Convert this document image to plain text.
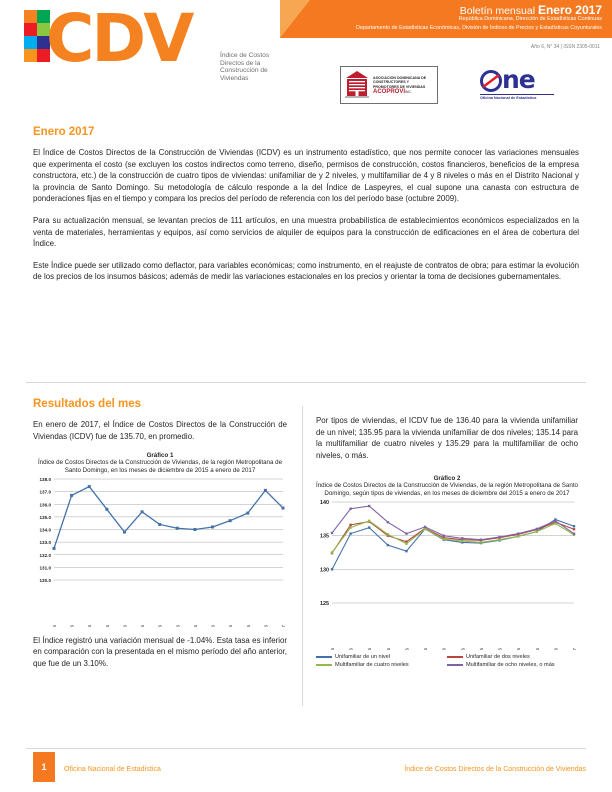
CDV	Índice de Costos Directos de la Construcción de Viviendas
Boletín mensual Enero 2017
República Dominicana, Dirección de Estadísticas Continuas
Departamento de Estadísticas Económicas, División de Índices de Precios y Estadísticas Coyunturales
Año 6, N° 34 | ISSN 2305-0011
ASOCIACIÓN DOMINICANA DE CONSTRUCTORES Y PROMOTORES DE VIVIENDAS
ACOPROVIINC.	ne
Oficina Nacional de Estadística
Enero 2017

El Índice de Costos Directos de la Construcción de Viviendas (ICDV) es un instrumento estadístico, que nos permite conocer las variaciones mensuales que experimenta el costo (se excluyen los costos indirectos como terreno, diseño, permisos de construcción, costos financieros, beneficios de la empresa constructora, etc.) de la construcción de cuatro tipos de viviendas: unifamiliar de y 2 niveles, y multifamiliar de 4 y 8 niveles o más en el Distrito Nacional y la provincia de Santo Domingo. Su metodología de cálculo responde a la del Índice de Laspeyres, el cual supone una canasta con estructura de ponderaciones fijas en el tiempo y compara los precios del período de referencia con los del período base (octubre 2009).

Para su actualización mensual, se levantan precios de 111 artículos, en una muestra probabilística de establecimientos económicos especializados en la venta de materiales, herramientas y equipos, así como servicios de alquiler de equipos para la construcción de edificaciones en el área de cobertura del Índice.

Este Índice puede ser utilizado como deflactor, para variables económicas; como instrumento, en el reajuste de contratos de obra; para estimar la evolución de los precios de los insumos básicos; además de medir las variaciones estacionales en los precios y orientar la toma de decisiones gubernamentales.

Resultados del mes

En enero de 2017, el Índice de Costos Directos de la Construcción de Viviendas (ICDV) fue de 135.70, en promedio.

Gráfico 1
Índice de Costos Directos de la Construcción de Viviendas, de la región Metropolitana de Santo Domingo, en los meses de diciembre de 2015 a enero de 2017
130.0
131.0
132.0
133.0
134.0
135.0
136.0
137.0
138.0

El Índice registró una variación mensual de -1.04%. Esta tasa es inferior en comparación con la presentada en el mismo período del año anterior, que fue de un 3.10%.

Por tipos de viviendas, el ICDV fue de 136.40 para la vivienda unifamiliar de un nivel; 135.95 para la vivienda unifamiliar de dos niveles; 135.14 para la multifamiliar de cuatro niveles y 135.29 para la multifamiliar de ocho niveles, o más.

Gráfico 2
Índice de Costos Directos de la Construcción de Viviendas, de la región Metropolitana de Santo Domingo, según tipos de viviendas, en los meses de diciembre del 2015 a enero de 2017
125
130
135
140
Unifamiliar de un nivel	Unifamiliar de dos niveles
Multifamiliar de cuatro niveles	Multifamiliar de ocho niveles, o más
1	Oficina Nacional de Estadística	Índice de Costos Directos de la Construcción de Viviendas
